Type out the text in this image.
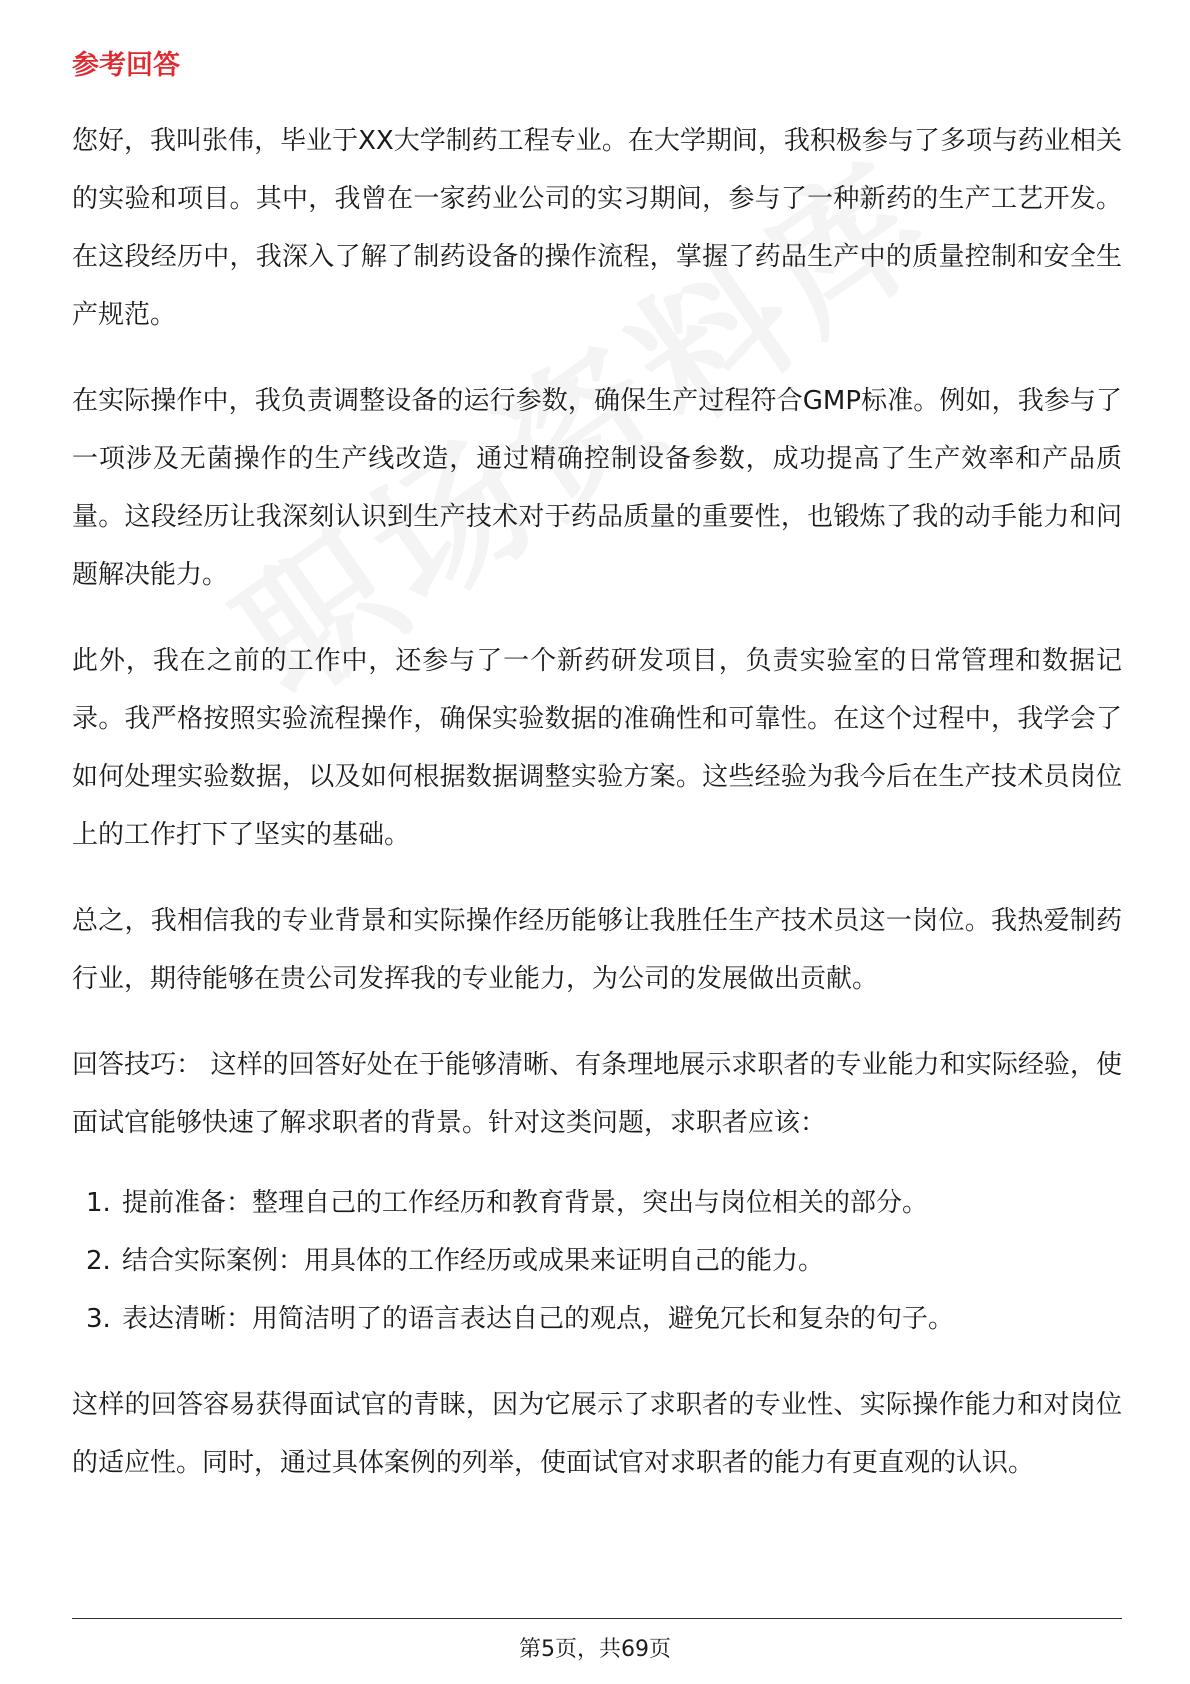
参考回答

您好，我叫张伟，毕业于XX大学制药工程专业。在大学期间，我积极参与了多项与药业相关的实验和项目。其中，我曾在一家药业公司的实习期间，参与了一种新药的生产工艺开发。在这段经历中，我深入了解了制药设备的操作流程，掌握了药品生产中的质量控制和安全生产规范。

在实际操作中，我负责调整设备的运行参数，确保生产过程符合GMP标准。例如，我参与了一项涉及无菌操作的生产线改造，通过精确控制设备参数，成功提高了生产效率和产品质量。这段经历让我深刻认识到生产技术对于药品质量的重要性，也锻炼了我的动手能力和问题解决能力。

此外，我在之前的工作中，还参与了一个新药研发项目，负责实验室的日常管理和数据记录。我严格按照实验流程操作，确保实验数据的准确性和可靠性。在这个过程中，我学会了如何处理实验数据，以及如何根据数据调整实验方案。这些经验为我今后在生产技术员岗位上的工作打下了坚实的基础。

总之，我相信我的专业背景和实际操作经历能够让我胜任生产技术员这一岗位。我热爱制药行业，期待能够在贵公司发挥我的专业能力，为公司的发展做出贡献。

回答技巧： 这样的回答好处在于能够清晰、有条理地展示求职者的专业能力和实际经验，使面试官能够快速了解求职者的背景。针对这类问题，求职者应该：

1. 提前准备：整理自己的工作经历和教育背景，突出与岗位相关的部分。
2. 结合实际案例：用具体的工作经历或成果来证明自己的能力。
3. 表达清晰：用简洁明了的语言表达自己的观点，避免冗长和复杂的句子。

这样的回答容易获得面试官的青睐，因为它展示了求职者的专业性、实际操作能力和对岗位的适应性。同时，通过具体案例的列举，使面试官对求职者的能力有更直观的认识。

第5页，共69页
